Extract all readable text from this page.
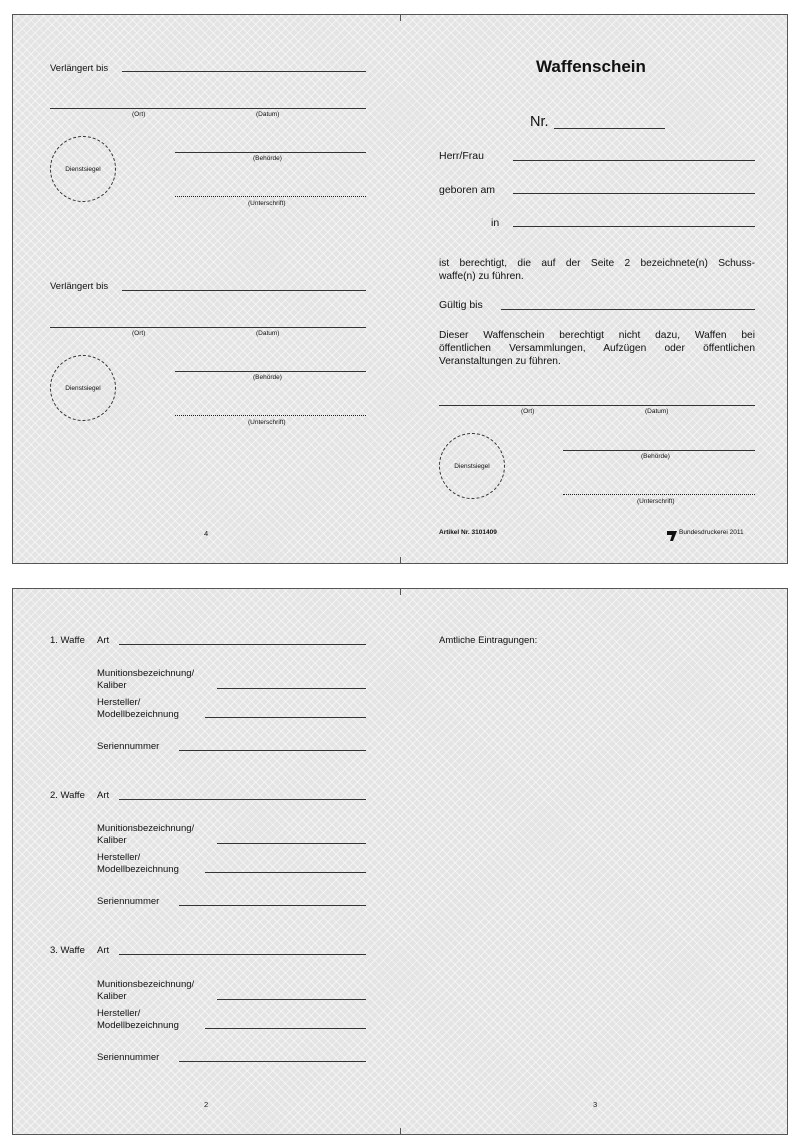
Verlängert bis
(Ort)	(Datum)
Dienstsiegel
(Behörde)
(Unterschrift)
Verlängert bis
(Ort)	(Datum)
Dienstsiegel
(Behörde)
(Unterschrift)
4
Waffenschein
Nr.
Herr/Frau
geboren am
in
ist berechtigt, die auf der Seite 2 bezeichnete(n) Schuss-
waffe(n) zu führen.
Gültig bis
Dieser Waffenschein berechtigt nicht dazu, Waffen bei
öffentlichen Versammlungen, Aufzügen oder öffentlichen
Veranstaltungen zu führen.
(Ort)	(Datum)
Dienstsiegel
(Behörde)
(Unterschrift)
Artikel Nr. 3101409	Bundesdruckerei 2011
1. Waffe Art
Munitionsbezeichnung/
Kaliber
Hersteller/
Modellbezeichnung
Seriennummer
2. Waffe Art
Munitionsbezeichnung/
Kaliber
Hersteller/
Modellbezeichnung
Seriennummer
3. Waffe Art
Munitionsbezeichnung/
Kaliber
Hersteller/
Modellbezeichnung
Seriennummer
2
Amtliche Eintragungen:
3
